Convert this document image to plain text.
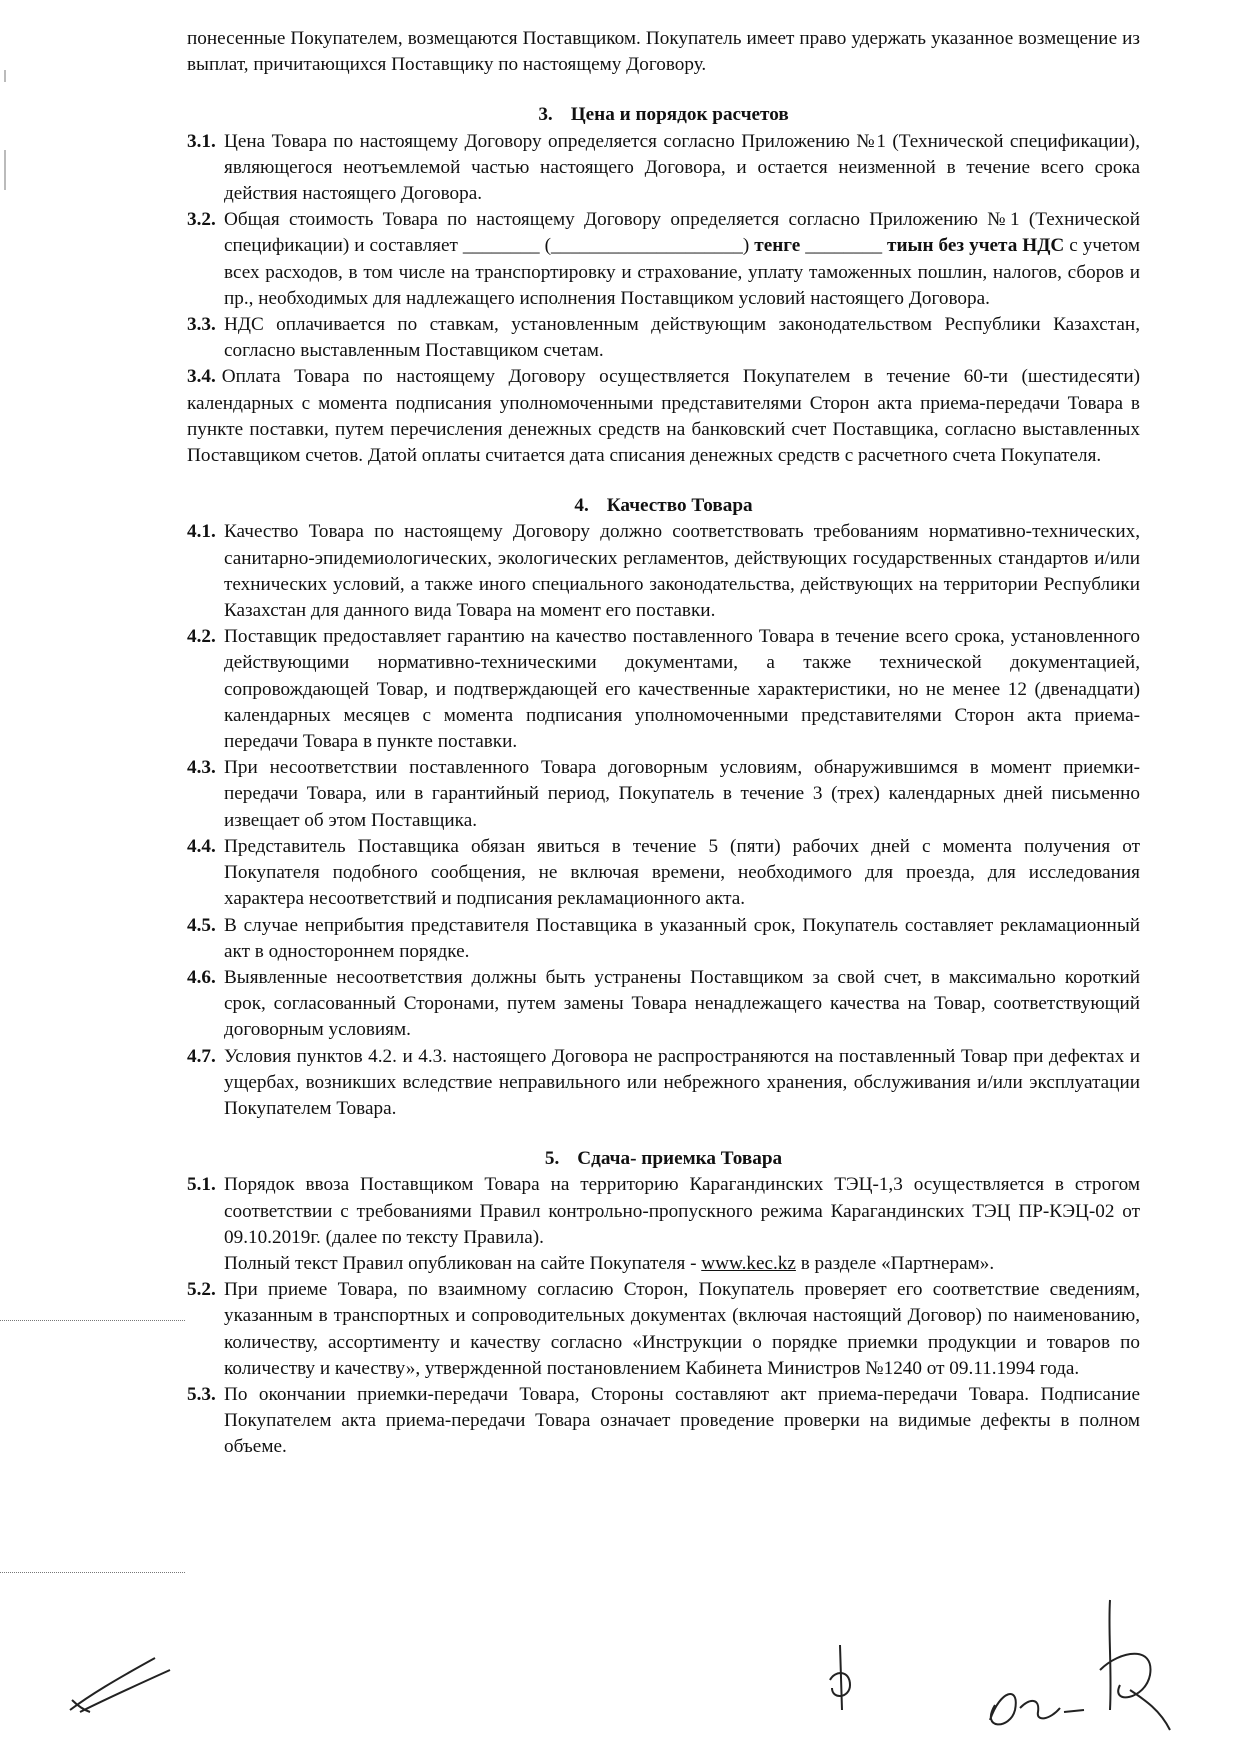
понесенные Покупателем, возмещаются Поставщиком. Покупатель имеет право удержать указанное возмещение из выплат, причитающихся Поставщику по настоящему Договору.

3. Цена и порядок расчетов

3.1. Цена Товара по настоящему Договору определяется согласно Приложению №1 (Технической спецификации), являющегося неотъемлемой частью настоящего Договора, и остается неизменной в течение всего срока действия настоящего Договора.
3.2. Общая стоимость Товара по настоящему Договору определяется согласно Приложению №1 (Технической спецификации) и составляет ________ (____________________) тенге ________ тиын без учета НДС с учетом всех расходов, в том числе на транспортировку и страхование, уплату таможенных пошлин, налогов, сборов и пр., необходимых для надлежащего исполнения Поставщиком условий настоящего Договора.
3.3. НДС оплачивается по ставкам, установленным действующим законодательством Республики Казахстан, согласно выставленным Поставщиком счетам.

3.4. Оплата Товара по настоящему Договору осуществляется Покупателем в течение 60-ти (шестидесяти) календарных с момента подписания уполномоченными представителями Сторон акта приема-передачи Товара в пункте поставки, путем перечисления денежных средств на банковский счет Поставщика, согласно выставленных Поставщиком счетов. Датой оплаты считается дата списания денежных средств с расчетного счета Покупателя.

4. Качество Товара

4.1. Качество Товара по настоящему Договору должно соответствовать требованиям нормативно-технических, санитарно-эпидемиологических, экологических регламентов, действующих государственных стандартов и/или технических условий, а также иного специального законодательства, действующих на территории Республики Казахстан для данного вида Товара на момент его поставки.
4.2. Поставщик предоставляет гарантию на качество поставленного Товара в течение всего срока, установленного действующими нормативно-техническими документами, а также технической документацией, сопровождающей Товар, и подтверждающей его качественные характеристики, но не менее 12 (двенадцати) календарных месяцев с момента подписания уполномоченными представителями Сторон акта приема-передачи Товара в пункте поставки.
4.3. При несоответствии поставленного Товара договорным условиям, обнаружившимся в момент приемки-передачи Товара, или в гарантийный период, Покупатель в течение 3 (трех) календарных дней письменно извещает об этом Поставщика.
4.4. Представитель Поставщика обязан явиться в течение 5 (пяти) рабочих дней с момента получения от Покупателя подобного сообщения, не включая времени, необходимого для проезда, для исследования характера несоответствий и подписания рекламационного акта.
4.5. В случае неприбытия представителя Поставщика в указанный срок, Покупатель составляет рекламационный акт в одностороннем порядке.
4.6. Выявленные несоответствия должны быть устранены Поставщиком за свой счет, в максимально короткий срок, согласованный Сторонами, путем замены Товара ненадлежащего качества на Товар, соответствующий договорным условиям.
4.7. Условия пунктов 4.2. и 4.3. настоящего Договора не распространяются на поставленный Товар при дефектах и ущербах, возникших вследствие неправильного или небрежного хранения, обслуживания и/или эксплуатации Покупателем Товара.

5. Сдача- приемка Товара

5.1. Порядок ввоза Поставщиком Товара на территорию Карагандинских ТЭЦ-1,3 осуществляется в строгом соответствии с требованиями Правил контрольно-пропускного режима Карагандинских ТЭЦ ПР-КЭЦ-02 от 09.10.2019г. (далее по тексту Правила).

Полный текст Правил опубликован на сайте Покупателя - www.kec.kz в разделе «Партнерам».

5.2. При приеме Товара, по взаимному согласию Сторон, Покупатель проверяет его соответствие сведениям, указанным в транспортных и сопроводительных документах (включая настоящий Договор) по наименованию, количеству, ассортименту и качеству согласно «Инструкции о порядке приемки продукции и товаров по количеству и качеству», утвержденной постановлением Кабинета Министров №1240 от 09.11.1994 года.
5.3. По окончании приемки-передачи Товара, Стороны составляют акт приема-передачи Товара. Подписание Покупателем акта приема-передачи Товара означает проведение проверки на видимые дефекты в полном объеме.
